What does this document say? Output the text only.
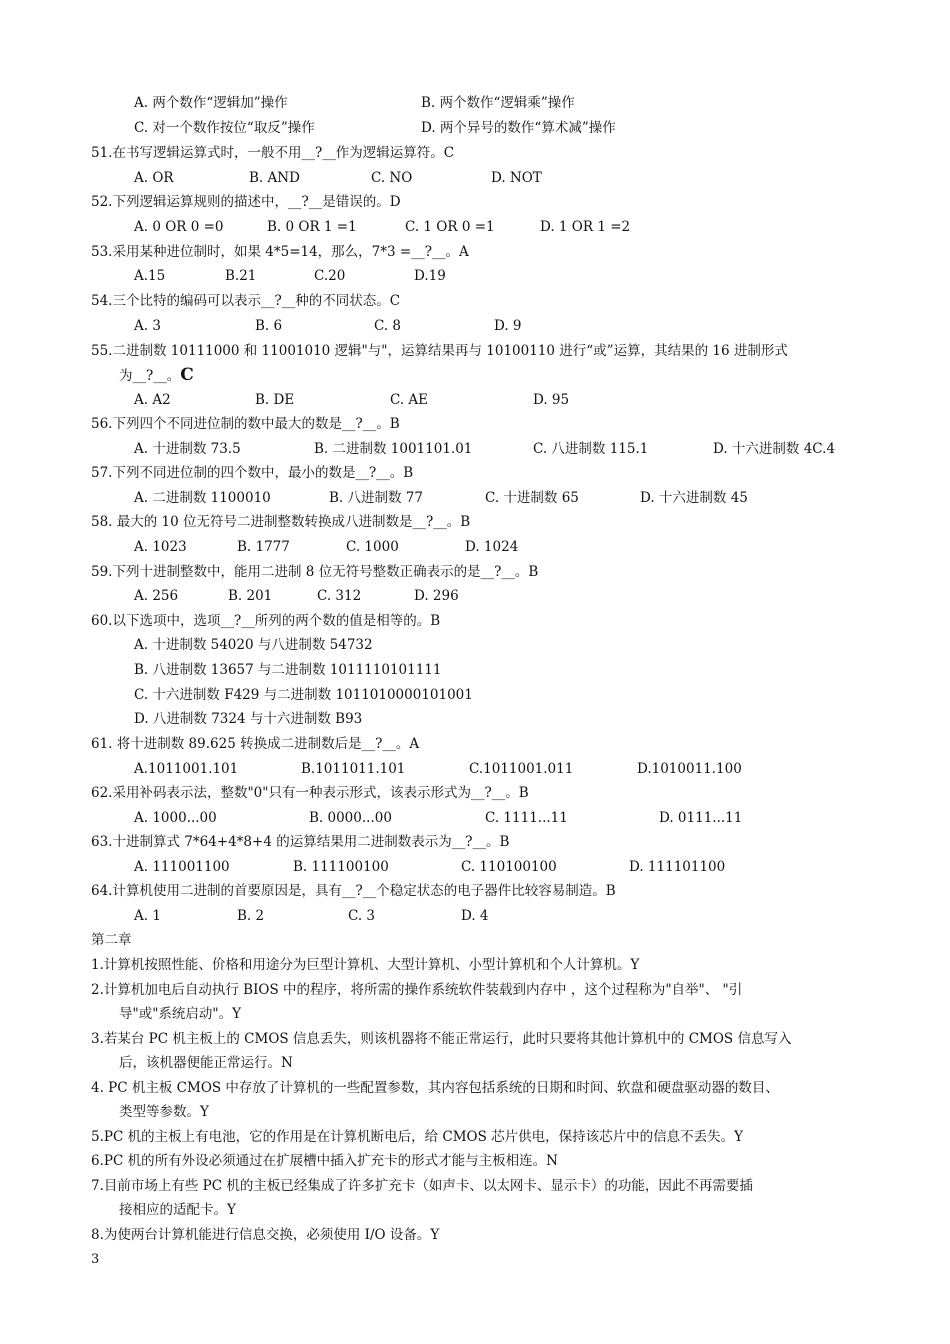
A. 两个数作“逻辑加”操作	B. 两个数作“逻辑乘”操作
C. 对一个数作按位“取反”操作	D. 两个异号的数作“算术减”操作
51.在书写逻辑运算式时，一般不用__?__作为逻辑运算符。C
A. OR	B. AND	C. NO	D. NOT
52.下列逻辑运算规则的描述中，__?__是错误的。D
A. 0 OR 0 =0	B. 0 OR 1 =1	C. 1 OR 0 =1	D. 1 OR 1 =2
53.采用某种进位制时，如果 4*5=14，那么，7*3 =__?__。A
A.15	B.21	C.20	D.19
54.三个比特的编码可以表示__?__种的不同状态。C
A. 3	B. 6	C. 8	D. 9
55.二进制数 10111000 和 11001010 逻辑"与"，运算结果再与 10100110 进行“或”运算，其结果的 16 进制形式
为__?__。C
A. A2	B. DE	C. AE	D. 95
56.下列四个不同进位制的数中最大的数是__?__。B
A. 十进制数 73.5	B. 二进制数 1001101.01	C. 八进制数 115.1	D. 十六进制数 4C.4
57.下列不同进位制的四个数中，最小的数是__?__。B
A. 二进制数 1100010	B. 八进制数 77	C. 十进制数 65	D. 十六进制数 45
58. 最大的 10 位无符号二进制整数转换成八进制数是__?__。B
A. 1023	B. 1777	C. 1000	D. 1024
59.下列十进制整数中，能用二进制 8 位无符号整数正确表示的是__?__。B
A. 256	B. 201	C. 312	D. 296
60.以下选项中，选项__?__所列的两个数的值是相等的。B
A. 十进制数 54020 与八进制数 54732
B. 八进制数 13657 与二进制数 1011110101111
C. 十六进制数 F429 与二进制数 1011010000101001
D. 八进制数 7324 与十六进制数 B93
61. 将十进制数 89.625 转换成二进制数后是__?__。A
A.1011001.101	B.1011011.101	C.1011001.011	D.1010011.100
62.采用补码表示法，整数"0"只有一种表示形式，该表示形式为__?__。B
A. 1000...00	B. 0000...00	C. 1111...11	D. 0111...11
63.十进制算式 7*64+4*8+4 的运算结果用二进制数表示为__?__。B
A. 111001100	B. 111100100	C. 110100100	D. 111101100
64.计算机使用二进制的首要原因是，具有__?__个稳定状态的电子器件比较容易制造。B
A. 1	B. 2	C. 3	D. 4
第二章
1.计算机按照性能、价格和用途分为巨型计算机、大型计算机、小型计算机和个人计算机。Y
2.计算机加电后自动执行 BIOS 中的程序，将所需的操作系统软件装载到内存中 ，这个过程称为"自举"、 "引
导"或"系统启动"。Y
3.若某台 PC 机主板上的 CMOS 信息丢失，则该机器将不能正常运行，此时只要将其他计算机中的 CMOS 信息写入
后，该机器便能正常运行。N
4. PC 机主板 CMOS 中存放了计算机的一些配置参数，其内容包括系统的日期和时间、软盘和硬盘驱动器的数目、
类型等参数。Y
5.PC 机的主板上有电池，它的作用是在计算机断电后，给 CMOS 芯片供电，保持该芯片中的信息不丢失。Y
6.PC 机的所有外设必须通过在扩展槽中插入扩充卡的形式才能与主板相连。N
7.目前市场上有些 PC 机的主板已经集成了许多扩充卡（如声卡、以太网卡、显示卡）的功能，因此不再需要插
接相应的适配卡。Y
8.为使两台计算机能进行信息交换，必须使用 I/O 设备。Y
3
